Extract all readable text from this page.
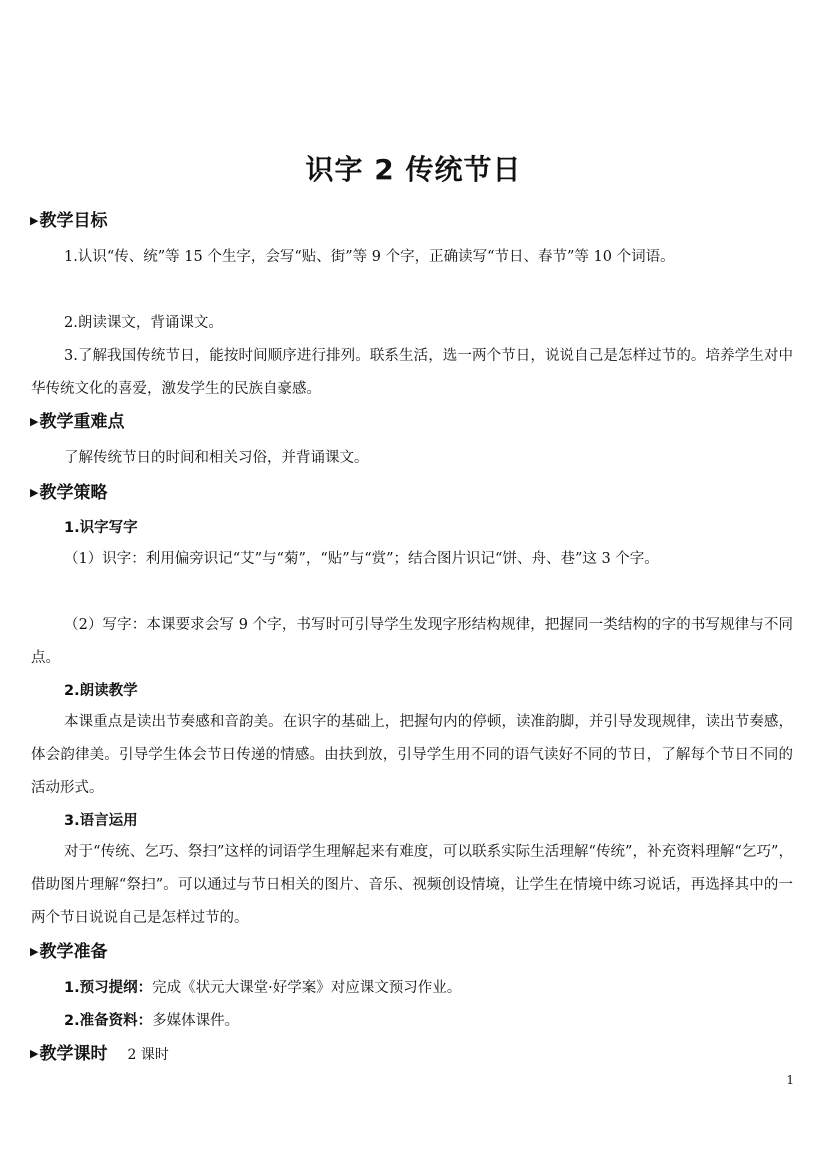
识字 2 传统节日
▶教学目标

1.认识“传、统”等 15 个生字，会写“贴、街”等 9 个字，正确读写“节日、春节”等 10 个词语。

2.朗读课文，背诵课文。

3.了解我国传统节日，能按时间顺序进行排列。联系生活，选一两个节日，说说自己是怎样过节的。培养学生对中华传统文化的喜爱，激发学生的民族自豪感。

▶教学重难点

了解传统节日的时间和相关习俗，并背诵课文。

▶教学策略
1.识字写字

（1）识字：利用偏旁识记“艾”与“菊”，“贴”与“赏”；结合图片识记“饼、舟、巷”这 3 个字。

（2）写字：本课要求会写 9 个字，书写时可引导学生发现字形结构规律，把握同一类结构的字的书写规律与不同点。

2.朗读教学

本课重点是读出节奏感和音韵美。在识字的基础上，把握句内的停顿，读准韵脚，并引导发现规律，读出节奏感，体会韵律美。引导学生体会节日传递的情感。由扶到放，引导学生用不同的语气读好不同的节日，了解每个节日不同的活动形式。

3.语言运用

对于“传统、乞巧、祭扫”这样的词语学生理解起来有难度，可以联系实际生活理解“传统”，补充资料理解“乞巧”，借助图片理解“祭扫”。可以通过与节日相关的图片、音乐、视频创设情境，让学生在情境中练习说话，再选择其中的一两个节日说说自己是怎样过节的。

▶教学准备
1.预习提纲：完成《状元大课堂·好学案》对应课文预习作业。
2.准备资料：多媒体课件。
▶教学课时 2 课时
1
